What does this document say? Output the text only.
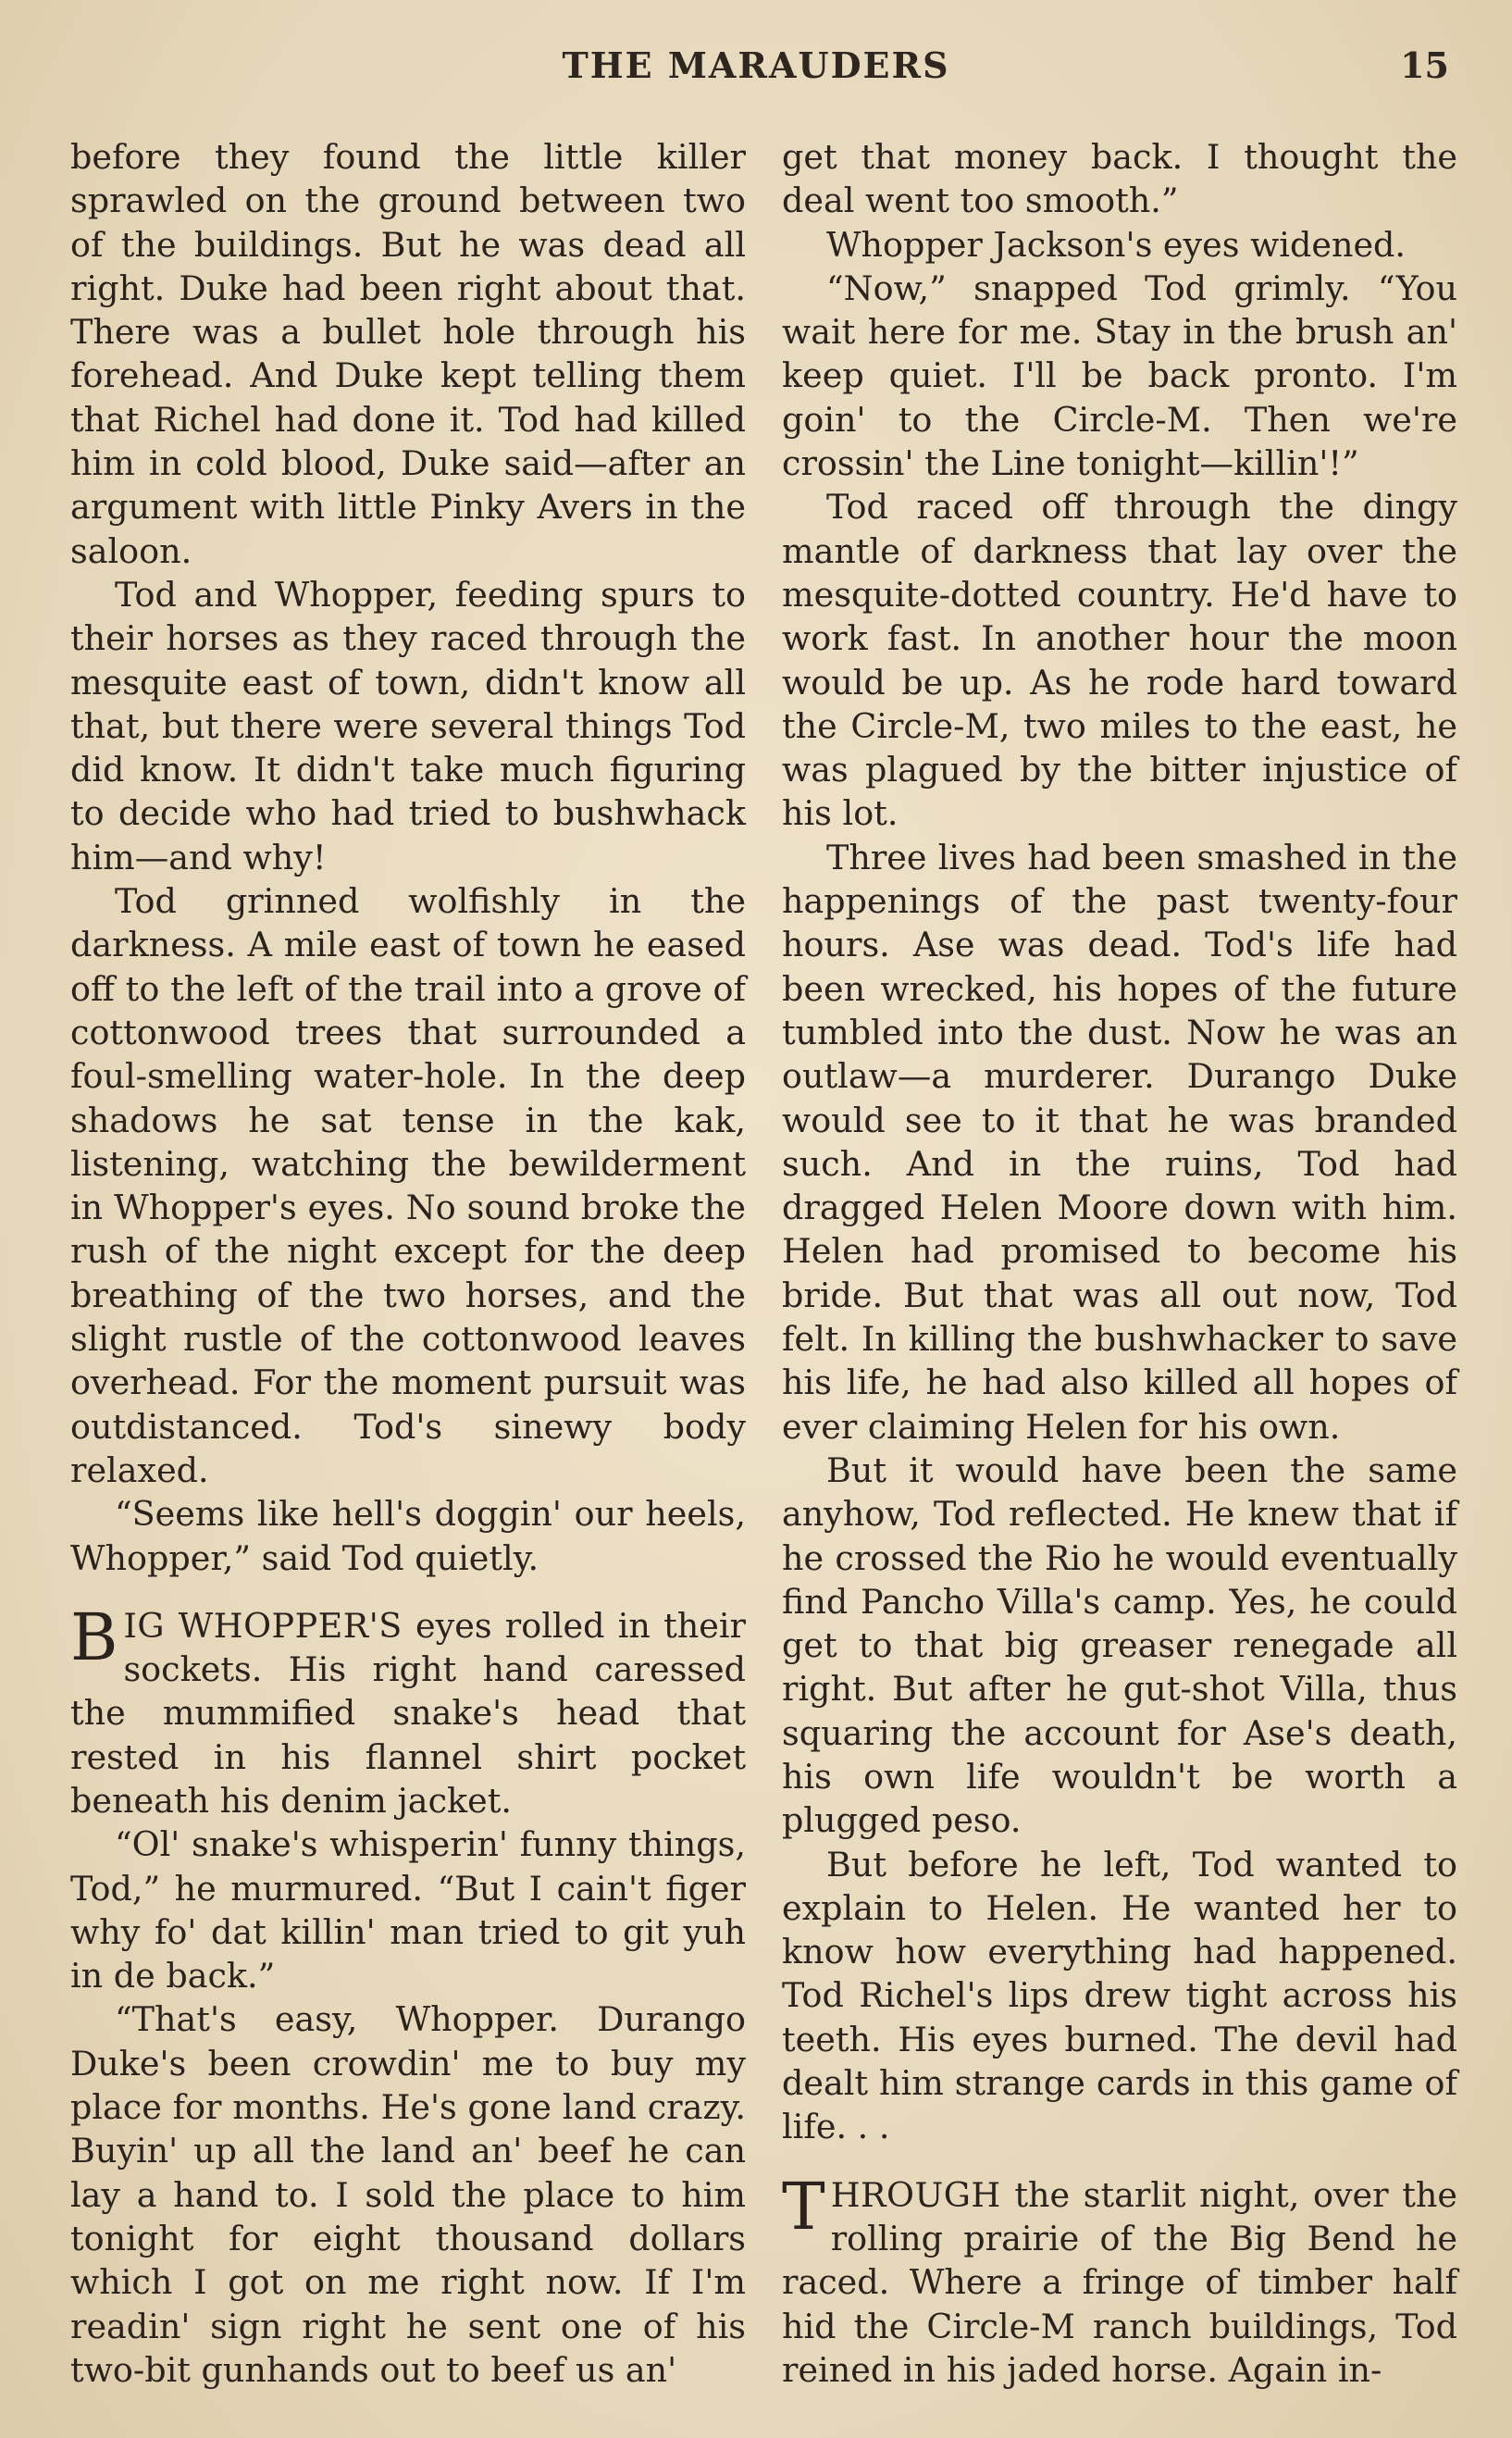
THE MARAUDERS	15

before they found the little killer sprawled on the ground between two of the buildings. But he was dead all right. Duke had been right about that. There was a bullet hole through his forehead. And Duke kept telling them that Richel had done it. Tod had killed him in cold blood, Duke said—after an argument with little Pinky Avers in the saloon.

Tod and Whopper, feeding spurs to their horses as they raced through the mesquite east of town, didn't know all that, but there were several things Tod did know. It didn't take much figuring to decide who had tried to bushwhack him—and why!

Tod grinned wolfishly in the darkness. A mile east of town he eased off to the left of the trail into a grove of cottonwood trees that surrounded a foul-smelling water-hole. In the deep shadows he sat tense in the kak, listening, watching the bewilderment in Whopper's eyes. No sound broke the rush of the night except for the deep breathing of the two horses, and the slight rustle of the cottonwood leaves overhead. For the moment pursuit was outdistanced. Tod's sinewy body relaxed.

“Seems like hell's doggin' our heels, Whopper,” said Tod quietly.

BIG WHOPPER'S eyes rolled in their sockets. His right hand caressed the mummified snake's head that rested in his flannel shirt pocket beneath his denim jacket.

“Ol' snake's whisperin' funny things, Tod,” he murmured. “But I cain't figer why fo' dat killin' man tried to git yuh in de back.”

“That's easy, Whopper. Durango Duke's been crowdin' me to buy my place for months. He's gone land crazy. Buyin' up all the land an' beef he can lay a hand to. I sold the place to him tonight for eight thousand dollars which I got on me right now. If I'm readin' sign right he sent one of his two-bit gunhands out to beef us an'

get that money back. I thought the deal went too smooth.”

Whopper Jackson's eyes widened.

“Now,” snapped Tod grimly. “You wait here for me. Stay in the brush an' keep quiet. I'll be back pronto. I'm goin' to the Circle-M. Then we're crossin' the Line tonight—killin'!”

Tod raced off through the dingy mantle of darkness that lay over the mesquite-dotted country. He'd have to work fast. In another hour the moon would be up. As he rode hard toward the Circle-M, two miles to the east, he was plagued by the bitter injustice of his lot.

Three lives had been smashed in the happenings of the past twenty-four hours. Ase was dead. Tod's life had been wrecked, his hopes of the future tumbled into the dust. Now he was an outlaw—a murderer. Durango Duke would see to it that he was branded such. And in the ruins, Tod had dragged Helen Moore down with him. Helen had promised to become his bride. But that was all out now, Tod felt. In killing the bushwhacker to save his life, he had also killed all hopes of ever claiming Helen for his own.

But it would have been the same anyhow, Tod reflected. He knew that if he crossed the Rio he would eventually find Pancho Villa's camp. Yes, he could get to that big greaser renegade all right. But after he gut-shot Villa, thus squaring the account for Ase's death, his own life wouldn't be worth a plugged peso.

But before he left, Tod wanted to explain to Helen. He wanted her to know how everything had happened. Tod Richel's lips drew tight across his teeth. His eyes burned. The devil had dealt him strange cards in this game of life. . .

THROUGH the starlit night, over the rolling prairie of the Big Bend he raced. Where a fringe of timber half hid the Circle-M ranch buildings, Tod reined in his jaded horse. Again in-
